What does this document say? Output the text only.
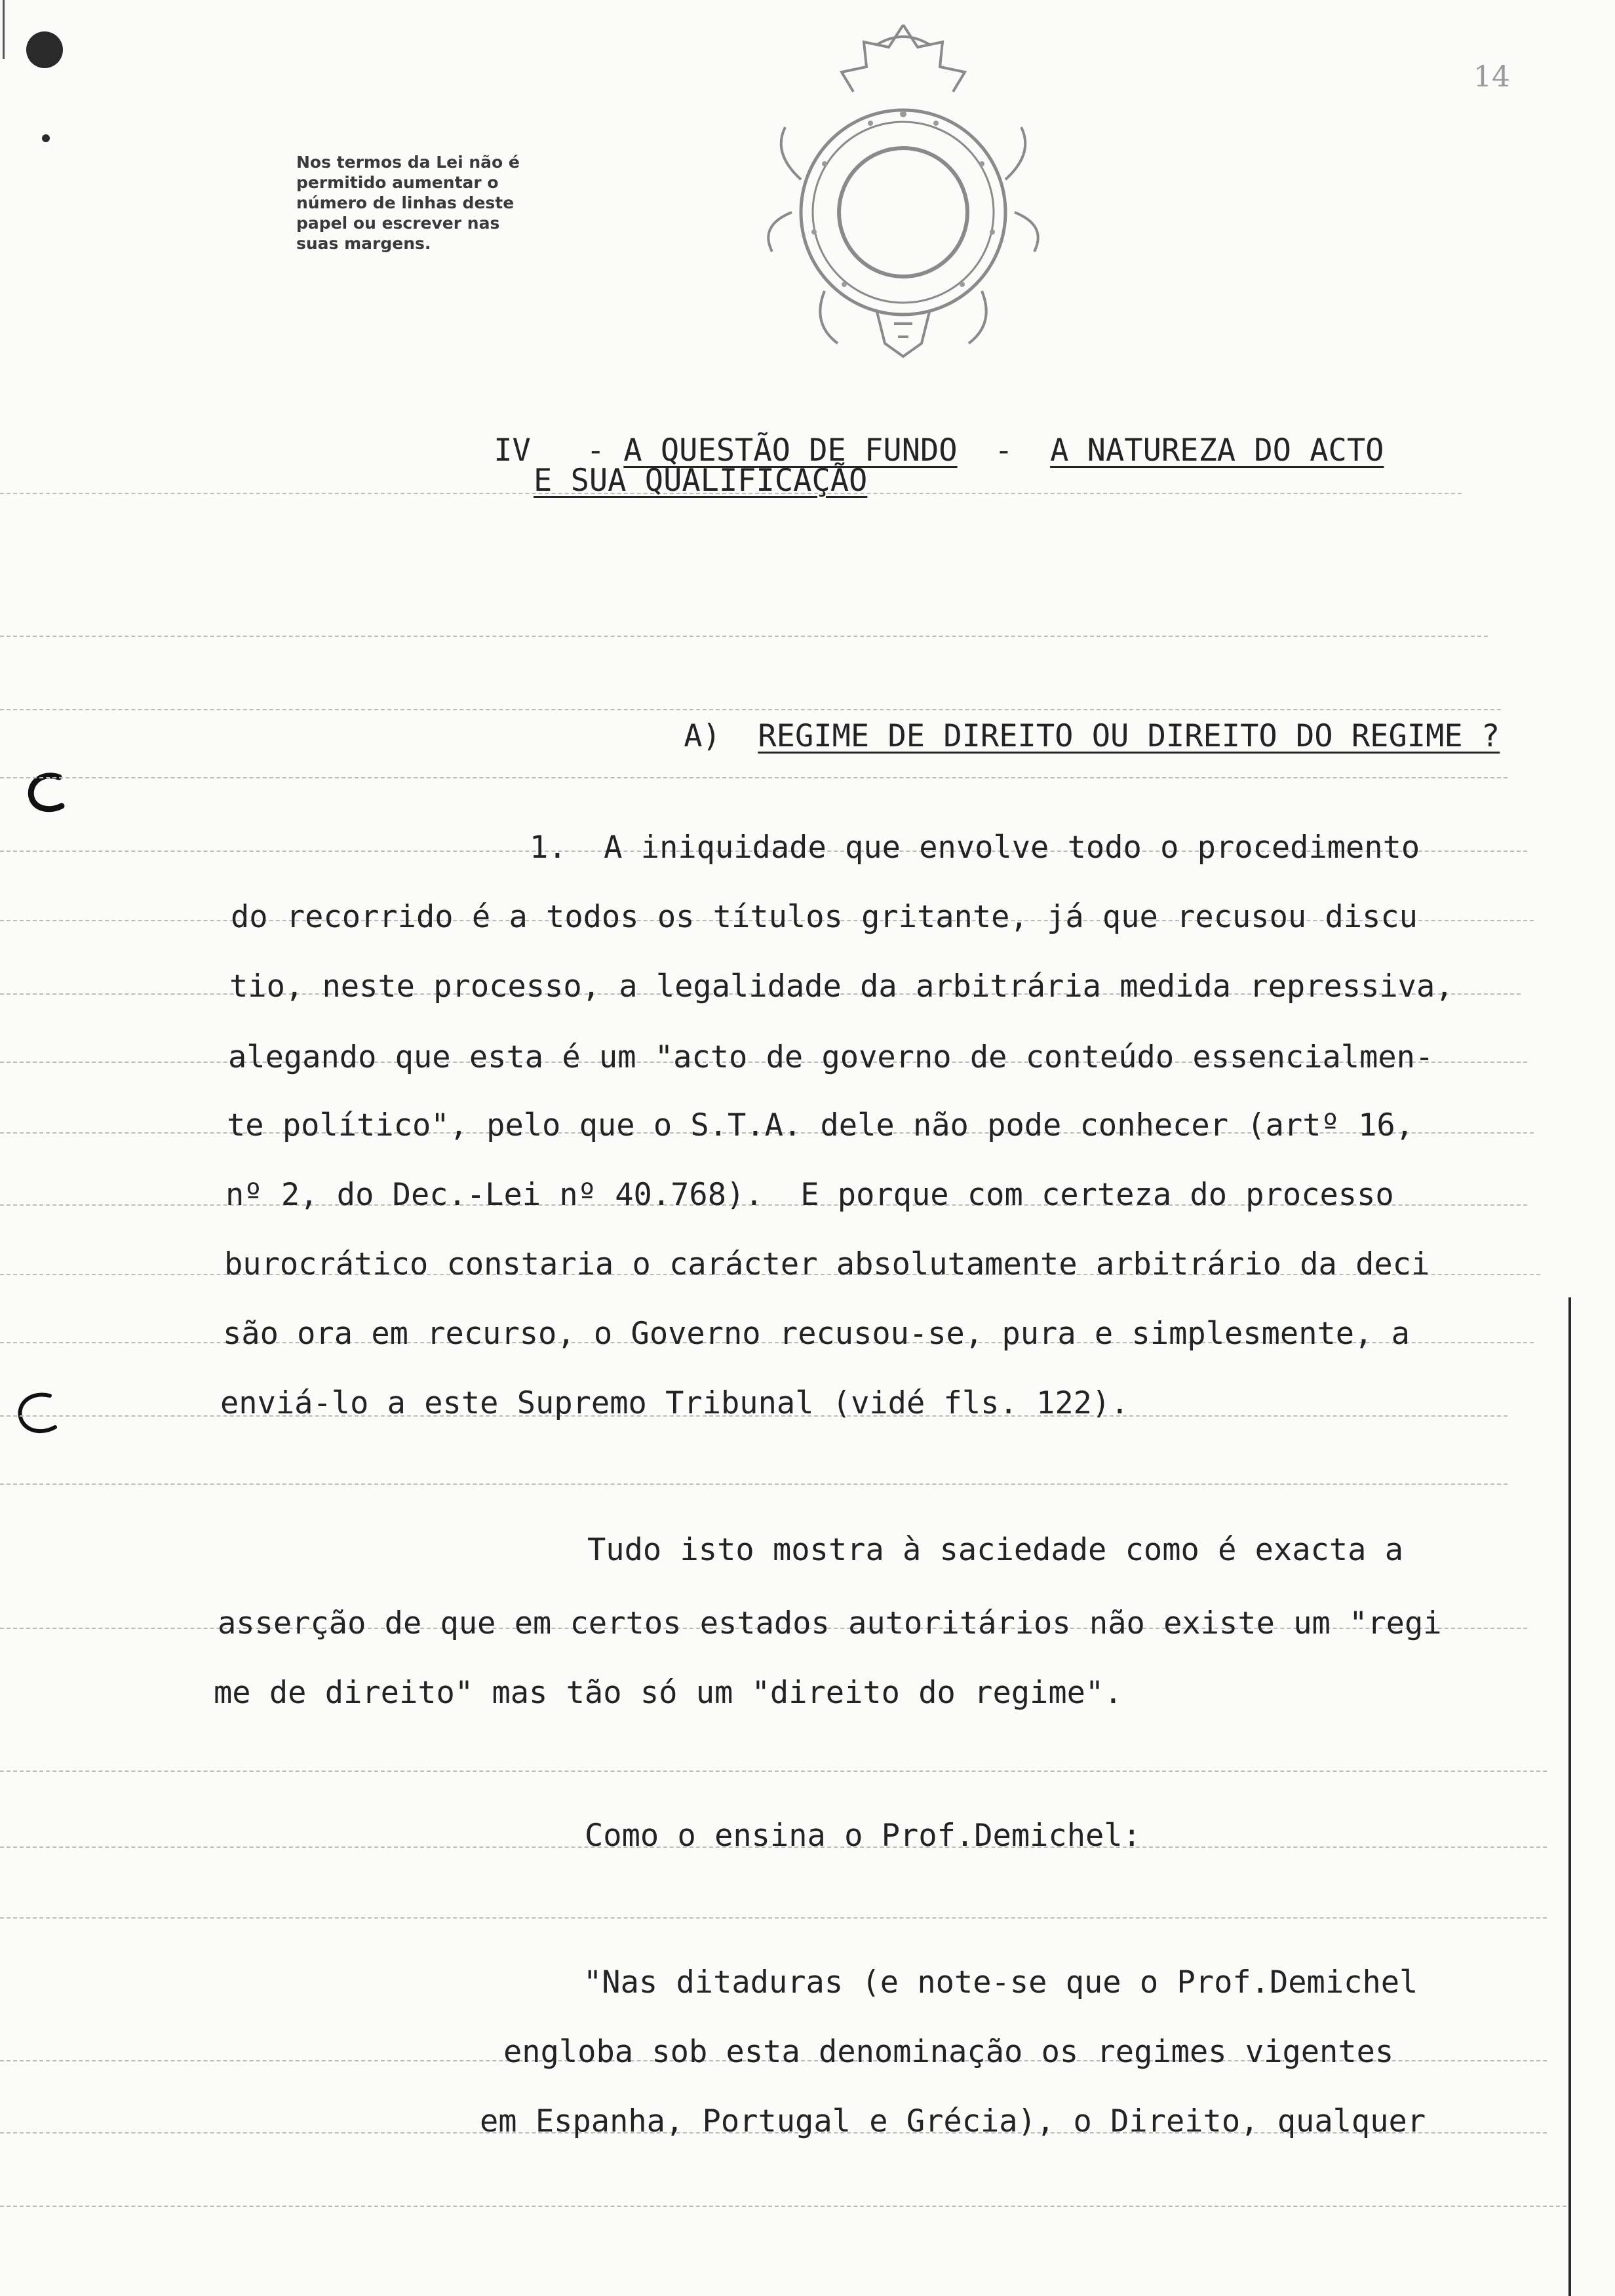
Nos termos da Lei não é permitido aumentar o número de linhas deste papel ou escrever nas suas margens.
14

IV - A QUESTÃO DE FUNDO - A NATUREZA DO ACTO

E SUA QUALIFICAÇÃO

A) REGIME DE DIREITO OU DIREITO DO REGIME ?

1.  A iniquidade que envolve todo o procedimento
do recorrido é a todos os títulos gritante, já que recusou discu
tio, neste processo, a legalidade da arbitrária medida repressiva,
alegando que esta é um "acto de governo de conteúdo essencialmen-
te político", pelo que o S.T.A. dele não pode conhecer (artº 16,
nº 2, do Dec.-Lei nº 40.768).  E porque com certeza do processo
burocrático constaria o carácter absolutamente arbitrário da deci
são ora em recurso, o Governo recusou-se, pura e simplesmente, a
enviá-lo a este Supremo Tribunal (vidé fls. 122).
Tudo isto mostra à saciedade como é exacta a
asserção de que em certos estados autoritários não existe um "regi
me de direito" mas tão só um "direito do regime".
Como o ensina o Prof.Demichel:
"Nas ditaduras (e note-se que o Prof.Demichel
engloba sob esta denominação os regimes vigentes
em Espanha, Portugal e Grécia), o Direito, qualquer
